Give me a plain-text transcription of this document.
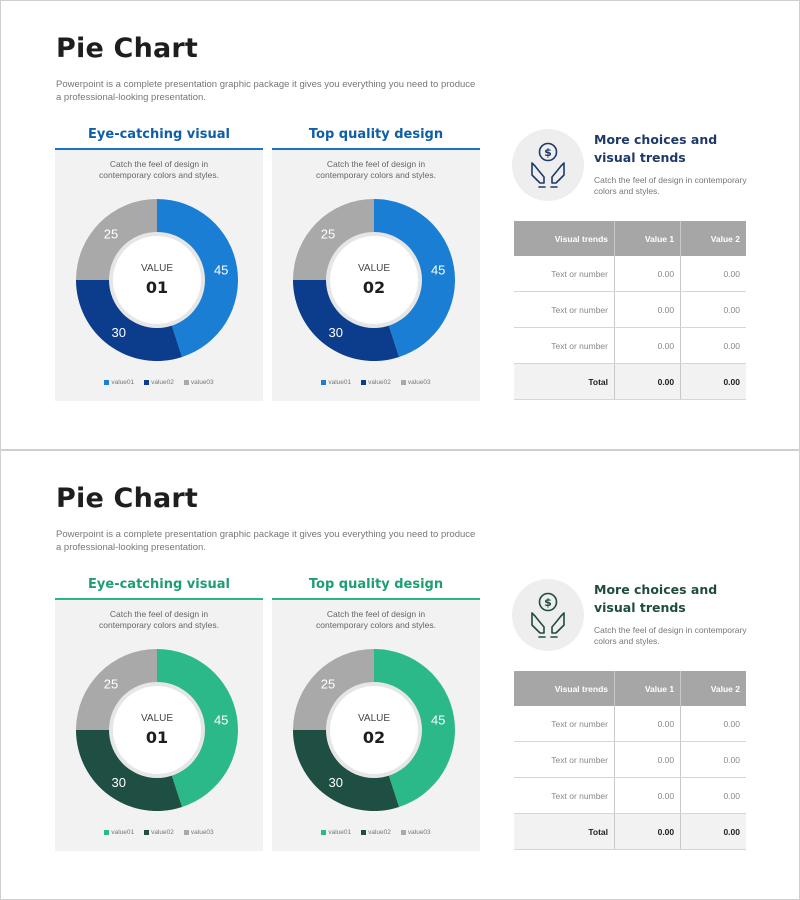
Pie Chart

Powerpoint is a complete presentation graphic package it gives you everything you need to produce a professional-looking presentation.

Eye-catching visual
Catch the feel of design in
contemporary colors and styles.
VALUE
01
45
30
25
value01	value02	value03
Top quality design
Catch the feel of design in
contemporary colors and styles.
VALUE
02
45
30
25
value01	value02	value03
$
More choices and visual trends

Catch the feel of design in contemporary colors and styles.

Visual trends	Value 1	Value 2
Text or number	0.00	0.00
Text or number	0.00	0.00
Text or number	0.00	0.00
Total	0.00	0.00
Pie Chart

Powerpoint is a complete presentation graphic package it gives you everything you need to produce a professional-looking presentation.

Eye-catching visual
Catch the feel of design in
contemporary colors and styles.
VALUE
01
45
30
25
value01	value02	value03
Top quality design
Catch the feel of design in
contemporary colors and styles.
VALUE
02
45
30
25
value01	value02	value03
$
More choices and visual trends

Catch the feel of design in contemporary colors and styles.

Visual trends	Value 1	Value 2
Text or number	0.00	0.00
Text or number	0.00	0.00
Text or number	0.00	0.00
Total	0.00	0.00
